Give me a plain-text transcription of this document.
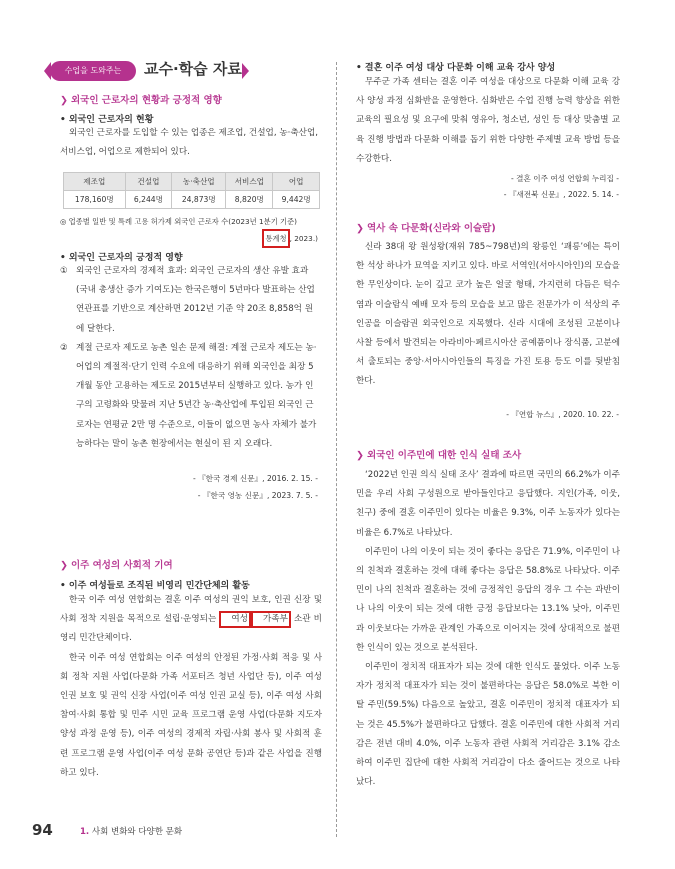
수업을 도와주는	교수·학습 자료
❯ 외국인 근로자의 현황과 긍정적 영향
• 외국인 근로자의 현황

외국인 근로자를 도입할 수 있는 업종은 제조업, 건설업, 농·축산업, 서비스업, 어업으로 제한되어 있다.

제조업	건설업	농·축산업	서비스업	어업
178,160명	6,244명	24,873명	8,820명	9,442명
◎ 업종별 일반 및 특례 고용 허가제 외국인 근로자 수(2023년 1분기 기준)
통계청 , 2023.)
• 외국인 근로자의 긍정적 영향
① 외국인 근로자의 경제적 효과: 외국인 근로자의 생산 유발 효과(국내 총생산 증가 기여도)는 한국은행이 5년마다 발표하는 산업 연관표를 기반으로 계산하면 2012년 기준 약 20조 8,858억 원에 달한다.
② 계절 근로자 제도로 농촌 일손 문제 해결: 계절 근로자 제도는 농·어업의 계절적·단기 인력 수요에 대응하기 위해 외국인을 최장 5개월 동안 고용하는 제도로 2015년부터 실행하고 있다. 농가 인구의 고령화와 맞물려 지난 5년간 농·축산업에 투입된 외국인 근로자는 연평균 2만 명 수준으로, 이들이 없으면 농사 자체가 불가능하다는 말이 농촌 현장에서는 현실이 된 지 오래다.
- 『한국 경제 신문』, 2016. 2. 15. -
- 『한국 영농 신문』, 2023. 7. 5. -
❯ 이주 여성의 사회적 기여
• 이주 여성들로 조직된 비영리 민간단체의 활동

한국 이주 여성 연합회는 결혼 이주 여성의 권익 보호, 인권 신장 및 사회 정착 지원을 목적으로 설립·운영되는 여성 가족부 소관 비영리 민간단체이다.

한국 이주 여성 연합회는 이주 여성의 안정된 가정·사회 적응 및 사회 정착 지원 사업(다문화 가족 서포터즈 청년 사업단 등), 이주 여성 인권 보호 및 권익 신장 사업(이주 여성 인권 교실 등), 이주 여성 사회 참여·사회 통합 및 민주 시민 교육 프로그램 운영 사업(다문화 지도자 양성 과정 운영 등), 이주 여성의 경제적 자립·사회 봉사 및 사회적 훈련 프로그램 운영 사업(이주 여성 문화 공연단 등)과 같은 사업을 진행하고 있다.

• 결혼 이주 여성 대상 다문화 이해 교육 강사 양성

무주군 가족 센터는 결혼 이주 여성을 대상으로 다문화 이해 교육 강사 양성 과정 심화반을 운영한다. 심화반은 수업 진행 능력 향상을 위한 교육의 필요성 및 요구에 맞춰 영유아, 청소년, 성인 등 대상 맞춤별 교육 진행 방법과 다문화 이해를 돕기 위한 다양한 주제별 교육 방법 등을 수강한다.

- 결혼 이주 여성 연합회 누리집 -
- 『새전북 신문』, 2022. 5. 14. -
❯ 역사 속 다문화(신라와 이슬람)

신라 38대 왕 원성왕(재위 785~798년)의 왕릉인 ‘괘릉’에는 특이한 석상 하나가 묘역을 지키고 있다. 바로 서역인(서아시아인)의 모습을 한 무인상이다. 눈이 깊고 코가 높은 얼굴 형태, 가지런히 다듬은 턱수염과 이슬람식 예배 모자 등의 모습을 보고 많은 전문가가 이 석상의 주인공을 이슬람권 외국인으로 지목했다. 신라 시대에 조성된 고분이나 사찰 등에서 발견되는 아라비아·페르시아산 공예품이나 장식품, 고분에서 출토되는 중앙·서아시아인들의 특징을 가진 토용 등도 이를 뒷받침한다.

- 『연합 뉴스』, 2020. 10. 22. -
❯ 외국인 이주민에 대한 인식 실태 조사

‘2022년 인권 의식 실태 조사’ 결과에 따르면 국민의 66.2%가 이주민을 우리 사회 구성원으로 받아들인다고 응답했다. 지인(가족, 이웃, 친구) 중에 결혼 이주민이 있다는 비율은 9.3%, 이주 노동자가 있다는 비율은 6.7%로 나타났다.

이주민이 나의 이웃이 되는 것이 좋다는 응답은 71.9%, 이주민이 나의 친척과 결혼하는 것에 대해 좋다는 응답은 58.8%로 나타났다. 이주민이 나의 친척과 결혼하는 것에 긍정적인 응답의 경우 그 수는 과반이나 나의 이웃이 되는 것에 대한 긍정 응답보다는 13.1% 낮아, 이주민과 이웃보다는 가까운 관계인 가족으로 이어지는 것에 상대적으로 불편한 인식이 있는 것으로 분석된다.

이주민이 정치적 대표자가 되는 것에 대한 인식도 물었다. 이주 노동자가 정치적 대표자가 되는 것이 불편하다는 응답은 58.0%로 북한 이탈 주민(59.5%) 다음으로 높았고, 결혼 이주민이 정치적 대표자가 되는 것은 45.5%가 불편하다고 답했다. 결혼 이주민에 대한 사회적 거리감은 전년 대비 4.0%, 이주 노동자 관련 사회적 거리감은 3.1% 감소하여 이주민 집단에 대한 사회적 거리감이 다소 줄어드는 것으로 나타났다.

94	1. 사회 변화와 다양한 문화
